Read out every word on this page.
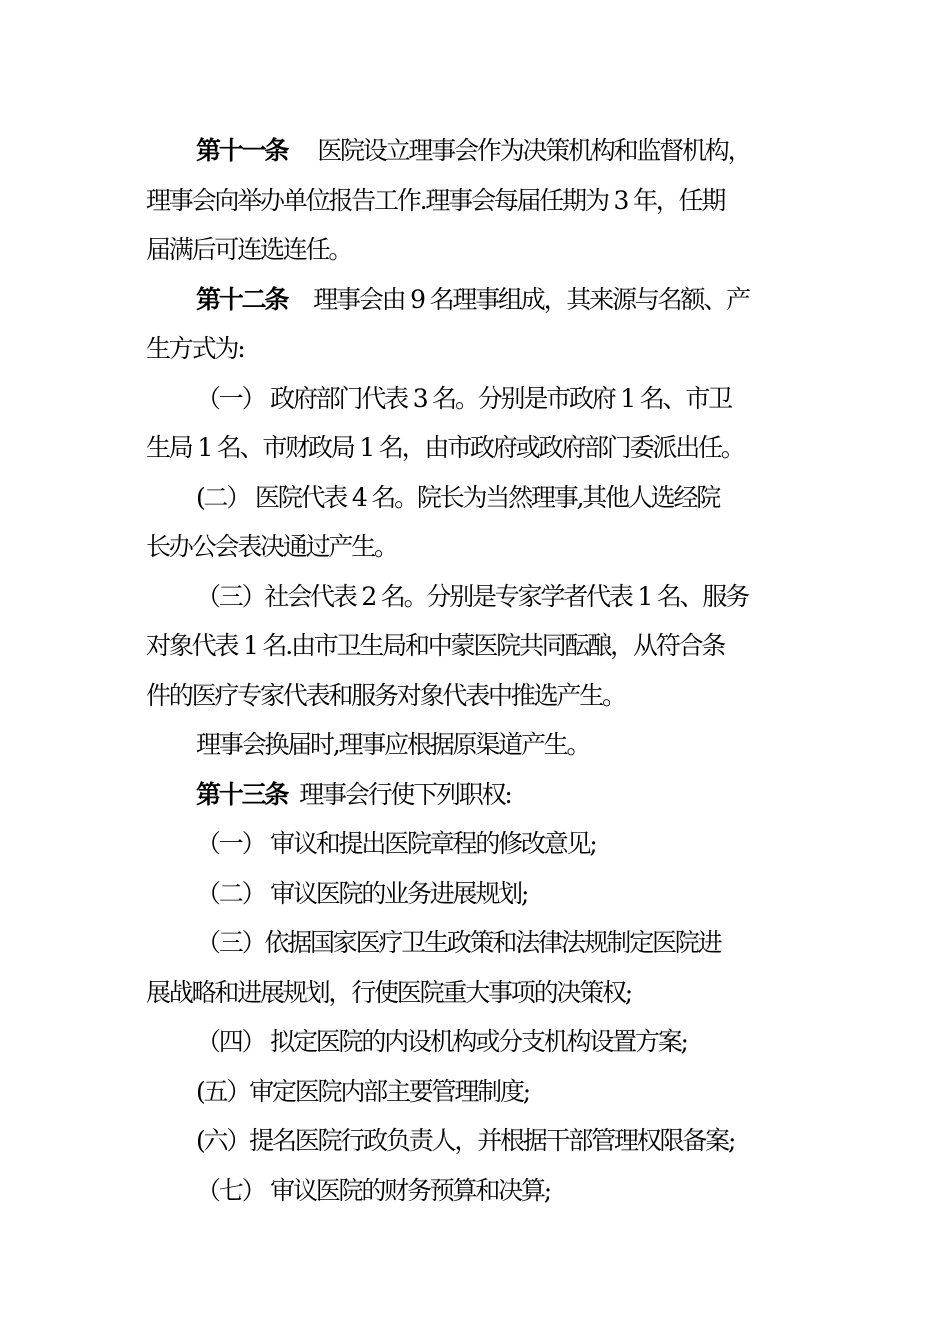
第十一条 医院设立理事会作为决策机构和监督机构，
理事会向举办单位报告工作.理事会每届任期为 3 年，任期
届满后可连选连任。
第十二条 理事会由 9 名理事组成，其来源与名额、产
生方式为:
（一） 政府部门代表 3 名。分别是市政府 1 名、市卫
生局 1 名、市财政局 1 名，由市政府或政府部门委派出任。
(二） 医院代表 4 名。院长为当然理事,其他人选经院
长办公会表决通过产生。
（三）社会代表 2 名。分别是专家学者代表 1 名、服务
对象代表 1 名.由市卫生局和中蒙医院共同酝酿，从符合条
件的医疗专家代表和服务对象代表中推选产生。
理事会换届时,理事应根据原渠道产生。
第十三条 理事会行使下列职权:
（一） 审议和提出医院章程的修改意见;
（二） 审议医院的业务进展规划;
（三）依据国家医疗卫生政策和法律法规制定医院进
展战略和进展规划，行使医院重大事项的决策权;
（四） 拟定医院的内设机构或分支机构设置方案;
(五）审定医院内部主要管理制度;
(六）提名医院行政负责人，并根据干部管理权限备案;
（七） 审议医院的财务预算和决算;
